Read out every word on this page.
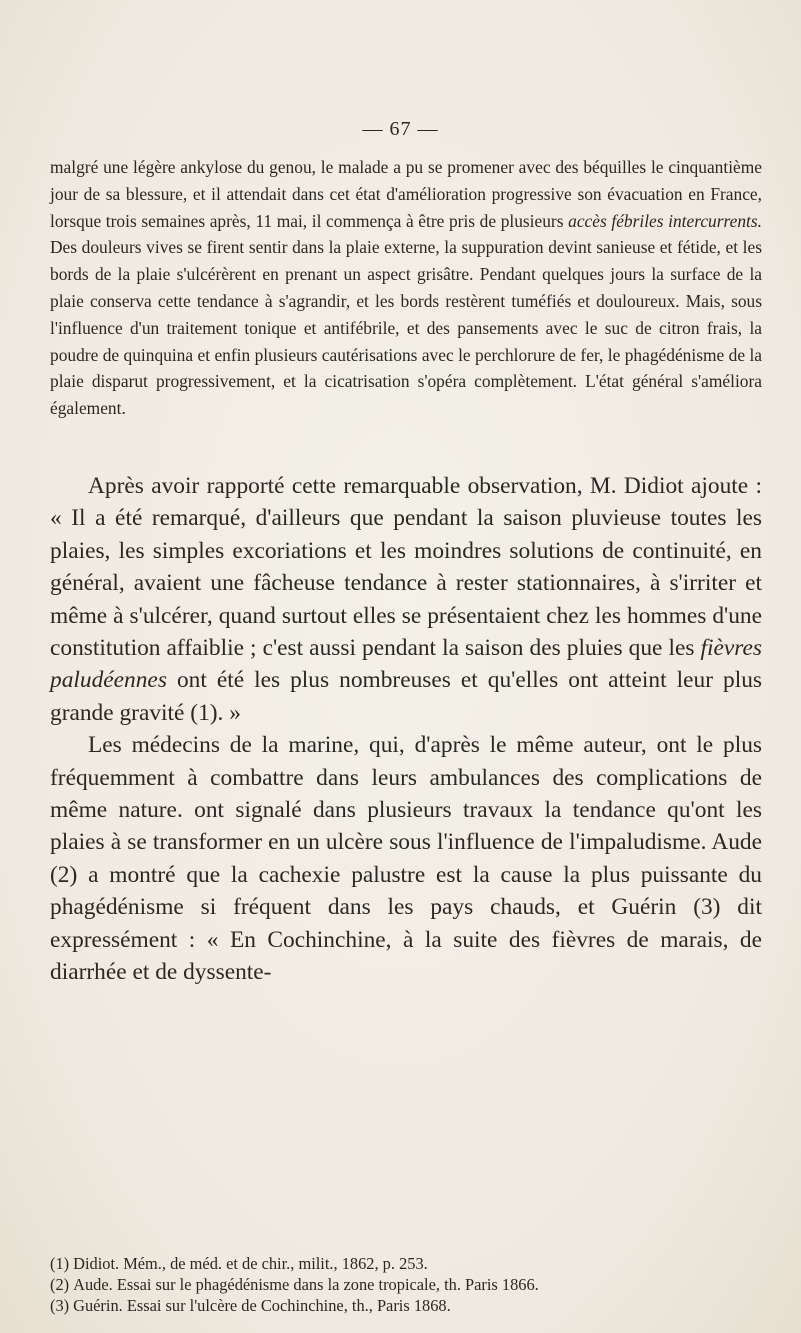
— 67 —

malgré une légère ankylose du genou, le malade a pu se promener avec des béquilles le cinquantième jour de sa blessure, et il attendait dans cet état d'amélioration progressive son évacuation en France, lorsque trois semaines après, 11 mai, il commença à être pris de plusieurs accès fébriles intercurrents. Des douleurs vives se firent sentir dans la plaie externe, la suppuration devint sanieuse et fétide, et les bords de la plaie s'ulcérèrent en prenant un aspect grisâtre. Pendant quelques jours la surface de la plaie conserva cette tendance à s'agrandir, et les bords restèrent tuméfiés et douloureux. Mais, sous l'influence d'un traitement tonique et antifébrile, et des pansements avec le suc de citron frais, la poudre de quinquina et enfin plusieurs cautérisations avec le perchlorure de fer, le phagédénisme de la plaie disparut progressivement, et la cicatrisation s'opéra complètement. L'état général s'améliora également.

Après avoir rapporté cette remarquable observation, M. Didiot ajoute : « Il a été remarqué, d'ailleurs que pendant la saison pluvieuse toutes les plaies, les simples excoriations et les moindres solutions de continuité, en général, avaient une fâcheuse tendance à rester stationnaires, à s'irriter et même à s'ulcérer, quand surtout elles se présentaient chez les hommes d'une constitution affaiblie ; c'est aussi pendant la saison des pluies que les fièvres paludéennes ont été les plus nombreuses et qu'elles ont atteint leur plus grande gravité (1). »

Les médecins de la marine, qui, d'après le même auteur, ont le plus fréquemment à combattre dans leurs ambulances des complications de même nature. ont signalé dans plusieurs travaux la tendance qu'ont les plaies à se transformer en un ulcère sous l'influence de l'impaludisme. Aude (2) a montré que la cachexie palustre est la cause la plus puissante du phagédénisme si fréquent dans les pays chauds, et Guérin (3) dit expressément : « En Cochinchine, à la suite des fièvres de marais, de diarrhée et de dyssente-

(1) Didiot. Mém., de méd. et de chir., milit., 1862, p. 253.
(2) Aude. Essai sur le phagédénisme dans la zone tropicale, th. Paris 1866.
(3) Guérin. Essai sur l'ulcère de Cochinchine, th., Paris 1868.
